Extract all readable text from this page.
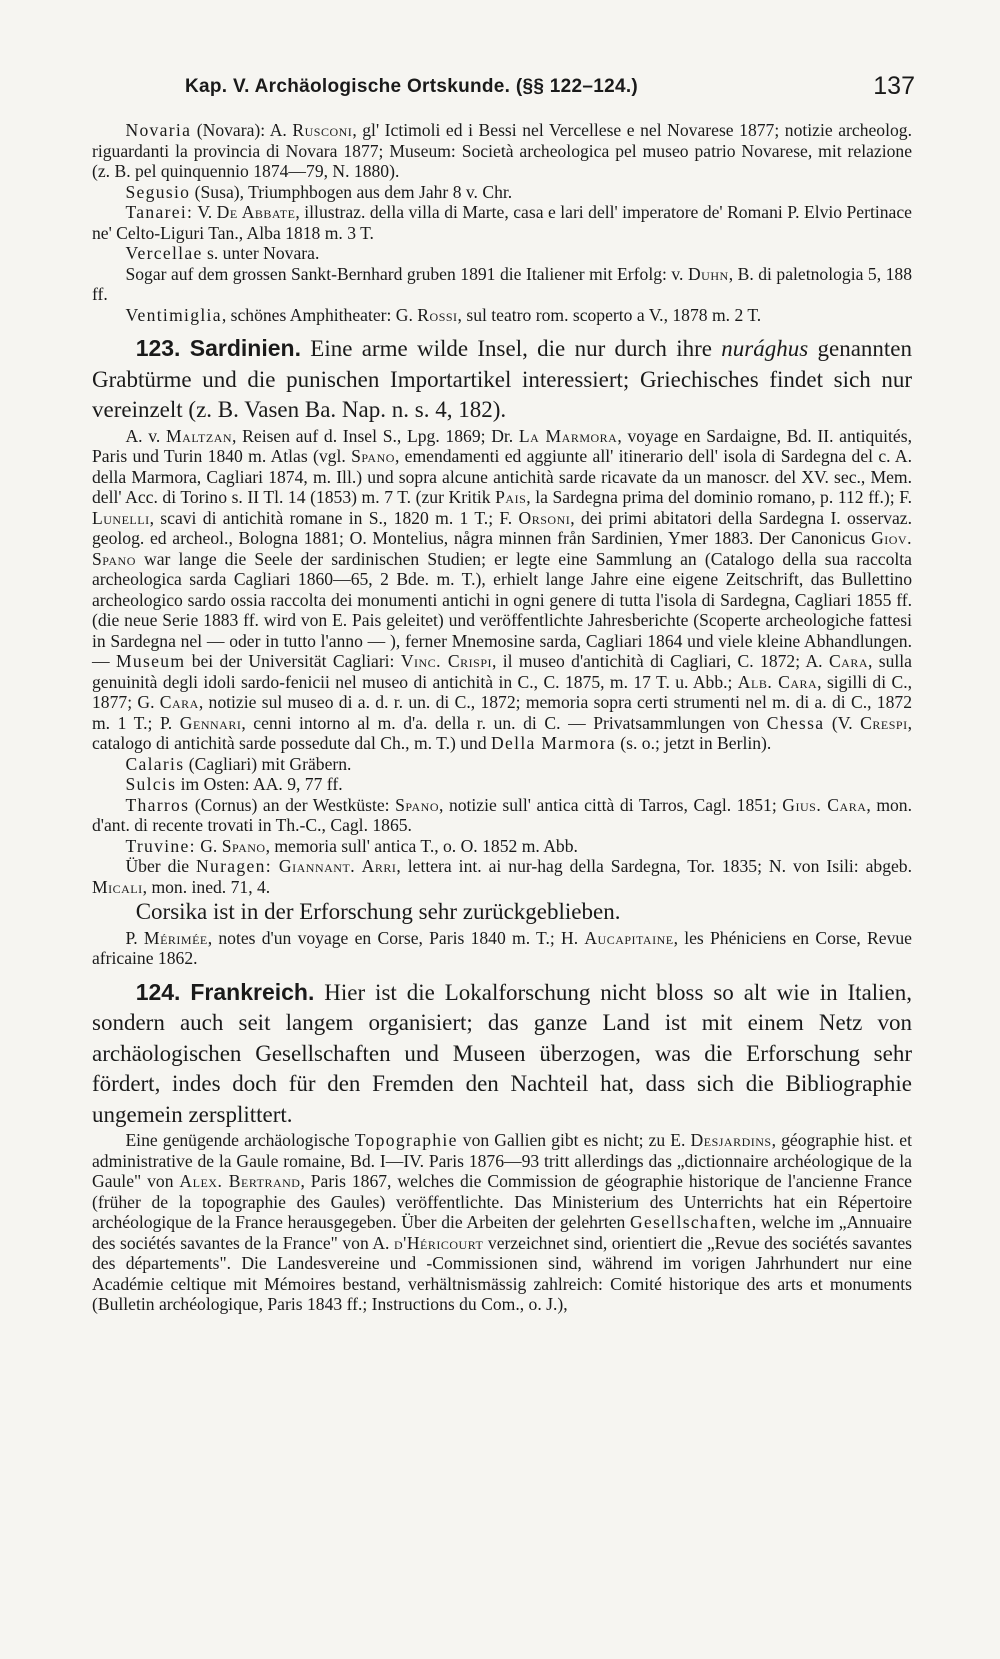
Kap. V. Archäologische Ortskunde. (§§ 122–124.)	137

Novaria (Novara): A. Rusconi, gl' Ictimoli ed i Bessi nel Vercellese e nel Novarese 1877; notizie archeolog. riguardanti la provincia di Novara 1877; Museum: Società archeologica pel museo patrio Novarese, mit relazione (z. B. pel quinquennio 1874—79, N. 1880).

Segusio (Susa), Triumphbogen aus dem Jahr 8 v. Chr.

Tanarei: V. De Abbate, illustraz. della villa di Marte, casa e lari dell' imperatore de' Romani P. Elvio Pertinace ne' Celto-Liguri Tan., Alba 1818 m. 3 T.

Vercellae s. unter Novara.

Sogar auf dem grossen Sankt-Bernhard gruben 1891 die Italiener mit Erfolg: v. Duhn, B. di paletnologia 5, 188 ff.

Ventimiglia, schönes Amphitheater: G. Rossi, sul teatro rom. scoperto a V., 1878 m. 2 T.

123. Sardinien. Eine arme wilde Insel, die nur durch ihre nurághus genannten Grabtürme und die punischen Importartikel interessiert; Griechisches findet sich nur vereinzelt (z. B. Vasen Ba. Nap. n. s. 4, 182).

A. v. Maltzan, Reisen auf d. Insel S., Lpg. 1869; Dr. La Marmora, voyage en Sardaigne, Bd. II. antiquités, Paris und Turin 1840 m. Atlas (vgl. Spano, emendamenti ed aggiunte all' itinerario dell' isola di Sardegna del c. A. della Marmora, Cagliari 1874, m. Ill.) und sopra alcune antichità sarde ricavate da un manoscr. del XV. sec., Mem. dell' Acc. di Torino s. II Tl. 14 (1853) m. 7 T. (zur Kritik Pais, la Sardegna prima del dominio romano, p. 112 ff.); F. Lunelli, scavi di antichità romane in S., 1820 m. 1 T.; F. Orsoni, dei primi abitatori della Sardegna I. osservaz. geolog. ed archeol., Bologna 1881; O. Montelius, några minnen från Sardinien, Ymer 1883. Der Canonicus Giov. Spano war lange die Seele der sardinischen Studien; er legte eine Sammlung an (Catalogo della sua raccolta archeologica sarda Cagliari 1860—65, 2 Bde. m. T.), erhielt lange Jahre eine eigene Zeitschrift, das Bullettino archeologico sardo ossia raccolta dei monumenti antichi in ogni genere di tutta l'isola di Sardegna, Cagliari 1855 ff. (die neue Serie 1883 ff. wird von E. Pais geleitet) und veröffentlichte Jahresberichte (Scoperte archeologiche fattesi in Sardegna nel — oder in tutto l'anno — ), ferner Mnemosine sarda, Cagliari 1864 und viele kleine Abhandlungen. — Museum bei der Universität Cagliari: Vinc. Crispi, il museo d'antichità di Cagliari, C. 1872; A. Cara, sulla genuinità degli idoli sardo-fenicii nel museo di antichità in C., C. 1875, m. 17 T. u. Abb.; Alb. Cara, sigilli di C., 1877; G. Cara, notizie sul museo di a. d. r. un. di C., 1872; memoria sopra certi strumenti nel m. di a. di C., 1872 m. 1 T.; P. Gennari, cenni intorno al m. d'a. della r. un. di C. — Privatsammlungen von Chessa (V. Crespi, catalogo di antichità sarde possedute dal Ch., m. T.) und Della Marmora (s. o.; jetzt in Berlin).

Calaris (Cagliari) mit Gräbern.

Sulcis im Osten: AA. 9, 77 ff.

Tharros (Cornus) an der Westküste: Spano, notizie sull' antica città di Tarros, Cagl. 1851; Gius. Cara, mon. d'ant. di recente trovati in Th.-C., Cagl. 1865.

Truvine: G. Spano, memoria sull' antica T., o. O. 1852 m. Abb.

Über die Nuragen: Giannant. Arri, lettera int. ai nur-hag della Sardegna, Tor. 1835; N. von Isili: abgeb. Micali, mon. ined. 71, 4.

Corsika ist in der Erforschung sehr zurückgeblieben.

P. Mérimée, notes d'un voyage en Corse, Paris 1840 m. T.; H. Aucapitaine, les Phéniciens en Corse, Revue africaine 1862.

124. Frankreich. Hier ist die Lokalforschung nicht bloss so alt wie in Italien, sondern auch seit langem organisiert; das ganze Land ist mit einem Netz von archäologischen Gesellschaften und Museen überzogen, was die Erforschung sehr fördert, indes doch für den Fremden den Nachteil hat, dass sich die Bibliographie ungemein zersplittert.

Eine genügende archäologische Topographie von Gallien gibt es nicht; zu E. Desjardins, géographie hist. et administrative de la Gaule romaine, Bd. I—IV. Paris 1876—93 tritt allerdings das „dictionnaire archéologique de la Gaule" von Alex. Bertrand, Paris 1867, welches die Commission de géographie historique de l'ancienne France (früher de la topographie des Gaules) veröffentlichte. Das Ministerium des Unterrichts hat ein Répertoire archéologique de la France herausgegeben. Über die Arbeiten der gelehrten Gesellschaften, welche im „Annuaire des sociétés savantes de la France" von A. d'Héricourt verzeichnet sind, orientiert die „Revue des sociétés savantes des départements". Die Landesvereine und -Commissionen sind, während im vorigen Jahrhundert nur eine Académie celtique mit Mémoires bestand, verhältnismässig zahlreich: Comité historique des arts et monuments (Bulletin archéologique, Paris 1843 ff.; Instructions du Com., o. J.),
